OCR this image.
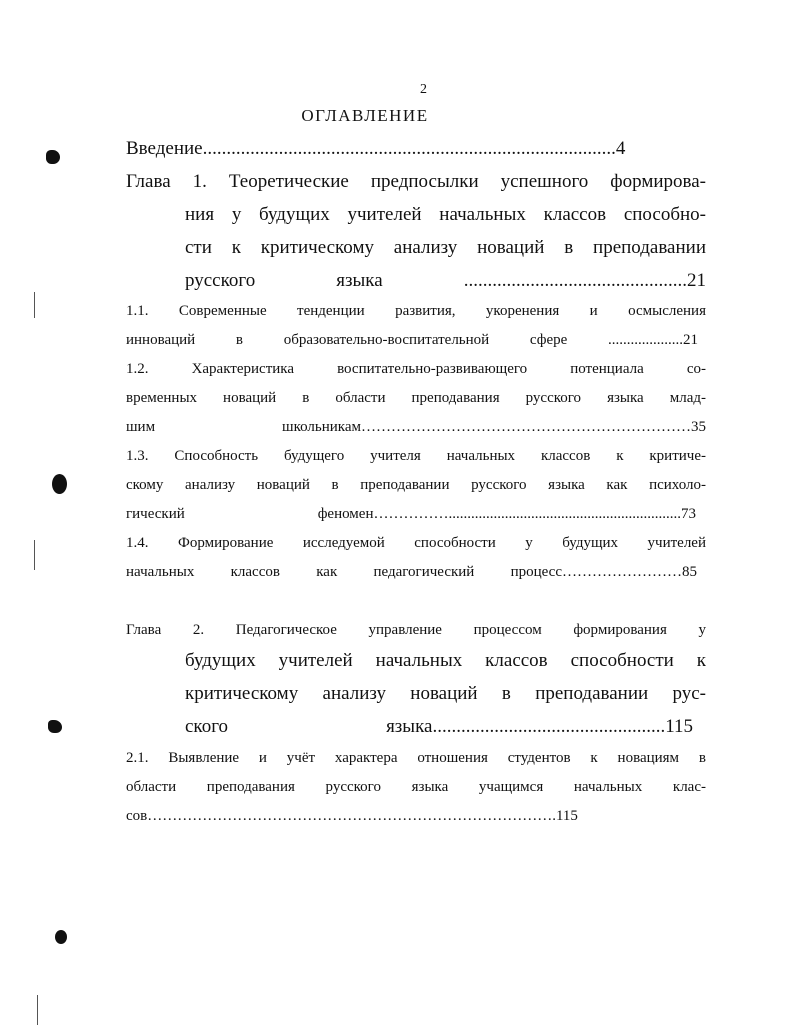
2
ОГЛАВЛЕНИЕ
Введение.......................................................................................4
Глава 1. Теоретические предпосылки успешного формирова-
ния у будущих учителей начальных классов способно-
сти к критическому анализу новаций в преподавании
русского языка ...............................................21
1.1. Современные тенденции развития, укоренения и осмысления
инноваций в образовательно-воспитательной сфере ....................21
1.2. Характеристика воспитательно-развивающего потенциала со-
временных новаций в области преподавания русского языка млад-
шим школьникам…………………………………………………………35
1.3. Способность будущего учителя начальных классов к критиче-
скому анализу новаций в преподавании русского языка как психоло-
гический феномен……………..............................................................73
1.4. Формирование исследуемой способности у будущих учителей
начальных классов как педагогический процесс……………………85
Глава 2. Педагогическое управление процессом формирования у
будущих учителей начальных классов способности к
критическому анализу новаций в преподавании рус-
ского языка.................................................115
2.1. Выявление и учёт характера отношения студентов к новациям в
области преподавания русского языка учащимся начальных клас-
сов……………………………………………………………………….115
